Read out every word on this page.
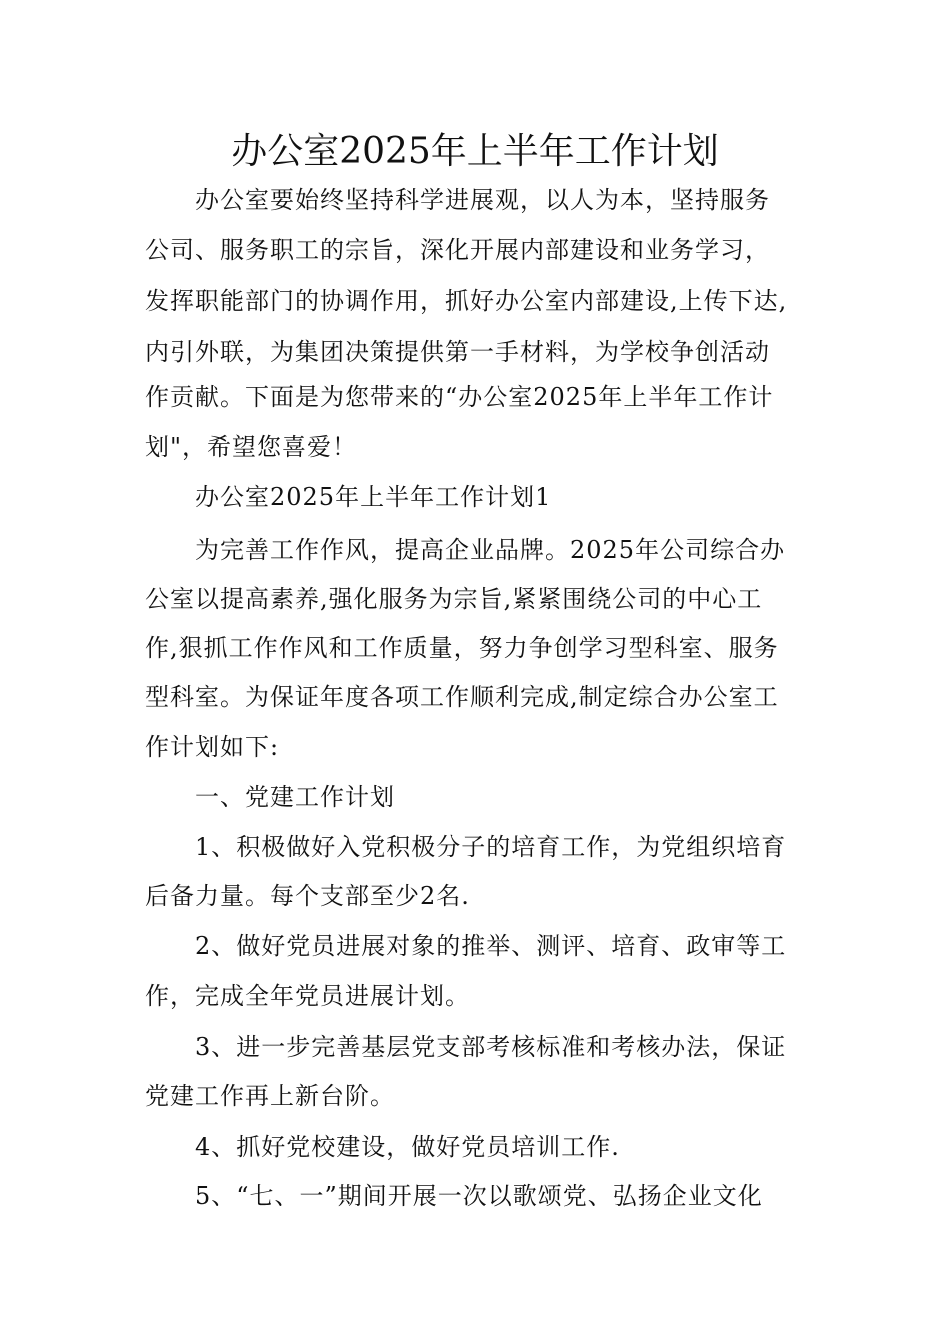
办公室2025年上半年工作计划
办公室要始终坚持科学进展观，以人为本，坚持服务
公司、服务职工的宗旨，深化开展内部建设和业务学习，
发挥职能部门的协调作用，抓好办公室内部建设,上传下达,
内引外联，为集团决策提供第一手材料，为学校争创活动
作贡献。下面是为您带来的“办公室2025年上半年工作计
划"，希望您喜爱！
办公室2025年上半年工作计划1
为完善工作作风，提高企业品牌。2025年公司综合办
公室以提高素养,强化服务为宗旨,紧紧围绕公司的中心工
作,狠抓工作作风和工作质量，努力争创学习型科室、服务
型科室。为保证年度各项工作顺利完成,制定综合办公室工
作计划如下:
一、党建工作计划
1、积极做好入党积极分子的培育工作，为党组织培育
后备力量。每个支部至少2名.
2、做好党员进展对象的推举、测评、培育、政审等工
作，完成全年党员进展计划。
3、进一步完善基层党支部考核标准和考核办法，保证
党建工作再上新台阶。
4、抓好党校建设，做好党员培训工作.
5、“七、一”期间开展一次以歌颂党、弘扬企业文化
